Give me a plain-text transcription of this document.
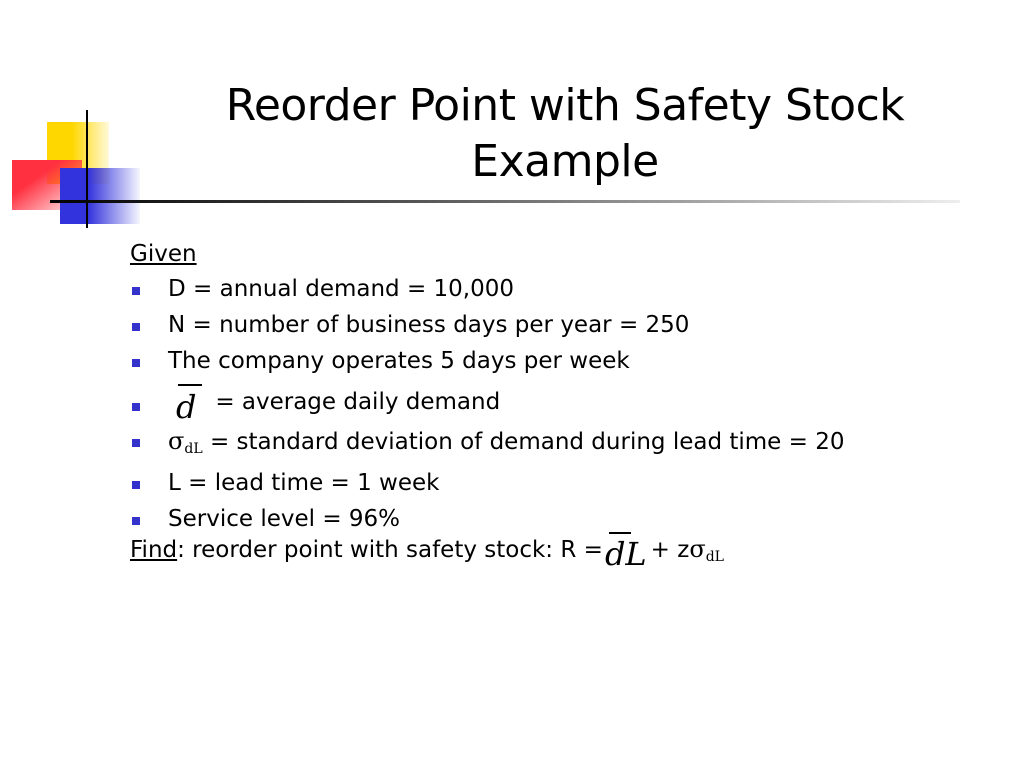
Reorder Point with Safety Stock
Example
Given
D = annual demand = 10,000
N = number of business days per year = 250
The company operates 5 days per week
d = average daily demand
$\sigma_{dL}$ = standard deviation of demand during lead time = 20
L = lead time = 1 week
Service level = 96%
Find: reorder point with safety stock: R =
dL + $z\sigma_{dL}$
